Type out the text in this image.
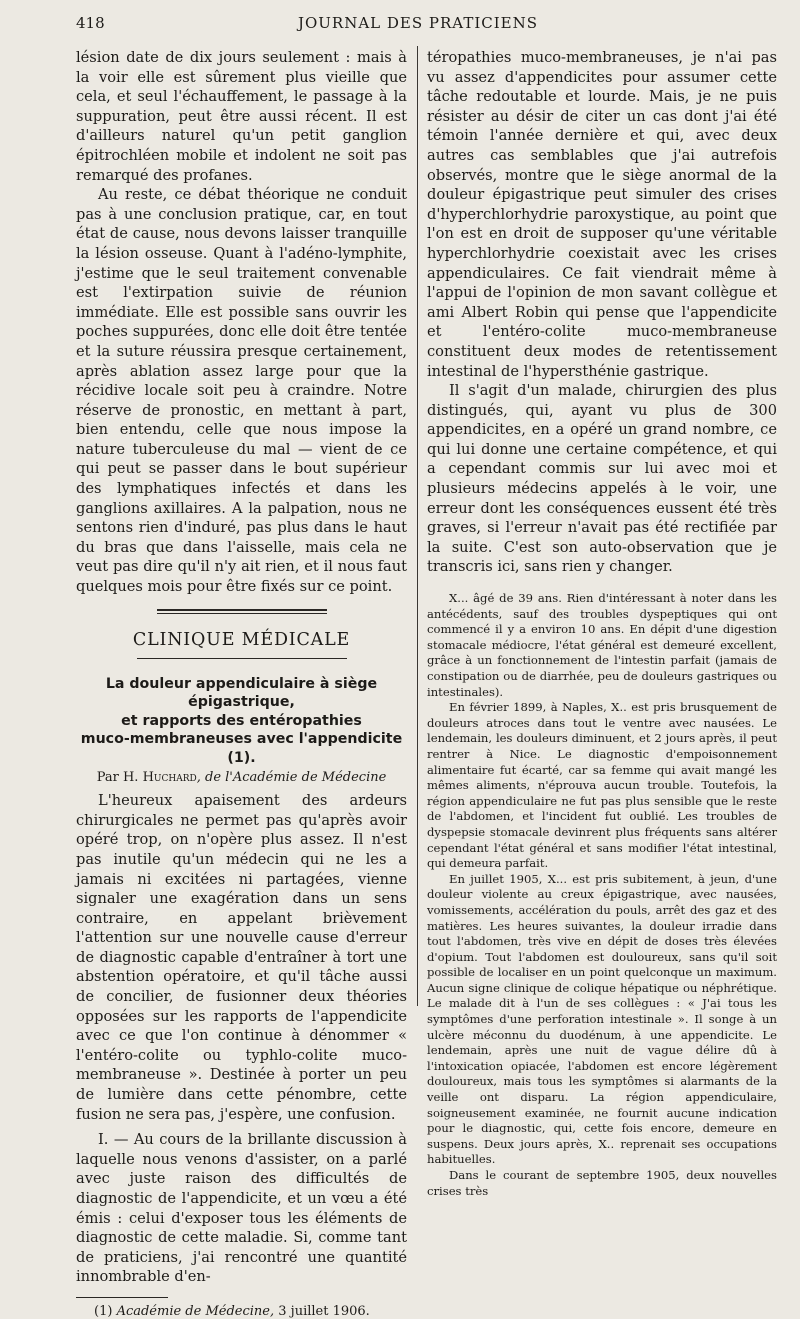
418	JOURNAL DES PRATICIENS

lésion date de dix jours seulement : mais à la voir elle est sûrement plus vieille que cela, et seul l'échauffement, le passage à la suppuration, peut être aussi récent. Il est d'ailleurs naturel qu'un petit ganglion épitrochléen mobile et indolent ne soit pas remarqué des profanes.

Au reste, ce débat théorique ne conduit pas à une conclusion pratique, car, en tout état de cause, nous devons laisser tranquille la lésion osseuse. Quant à l'adéno-lymphite, j'estime que le seul traitement convenable est l'extirpation suivie de réunion immédiate. Elle est possible sans ouvrir les poches suppurées, donc elle doit être tentée et la suture réussira presque certainement, après ablation assez large pour que la récidive locale soit peu à craindre. Notre réserve de pronostic, en mettant à part, bien entendu, celle que nous impose la nature tuberculeuse du mal — vient de ce qui peut se passer dans le bout supérieur des lymphatiques infectés et dans les ganglions axillaires. A la palpation, nous ne sentons rien d'induré, pas plus dans le haut du bras que dans l'aisselle, mais cela ne veut pas dire qu'il n'y ait rien, et il nous faut quelques mois pour être fixés sur ce point.

CLINIQUE MÉDICALE
La douleur appendiculaire à siège épigastrique,
et rapports des entéropathies
muco-membraneuses avec l'appendicite (1).
Par H. Huchard, de l'Académie de Médecine

L'heureux apaisement des ardeurs chirurgicales ne permet pas qu'après avoir opéré trop, on n'opère plus assez. Il n'est pas inutile qu'un médecin qui ne les a jamais ni excitées ni partagées, vienne signaler une exagération dans un sens contraire, en appelant brièvement l'attention sur une nouvelle cause d'erreur de diagnostic capable d'entraîner à tort une abstention opératoire, et qu'il tâche aussi de concilier, de fusionner deux théories opposées sur les rapports de l'appendicite avec ce que l'on continue à dénommer « l'entéro-colite ou typhlo-colite muco-membraneuse ». Destinée à porter un peu de lumière dans cette pénombre, cette fusion ne sera pas, j'espère, une confusion.

I. — Au cours de la brillante discussion à laquelle nous venons d'assister, on a parlé avec juste raison des difficultés de diagnostic de l'appendicite, et un vœu a été émis : celui d'exposer tous les éléments de diagnostic de cette maladie. Si, comme tant de praticiens, j'ai rencontré une quantité innombrable d'en-

(1) Académie de Médecine, 3 juillet 1906.

téropathies muco-membraneuses, je n'ai pas vu assez d'appendicites pour assumer cette tâche redoutable et lourde. Mais, je ne puis résister au désir de citer un cas dont j'ai été témoin l'année dernière et qui, avec deux autres cas semblables que j'ai autrefois observés, montre que le siège anormal de la douleur épigastrique peut simuler des crises d'hyperchlorhydrie paroxystique, au point que l'on est en droit de supposer qu'une véritable hyperchlorhydrie coexistait avec les crises appendiculaires. Ce fait viendrait même à l'appui de l'opinion de mon savant collègue et ami Albert Robin qui pense que l'appendicite et l'entéro-colite muco-membraneuse constituent deux modes de retentissement intestinal de l'hypersthénie gastrique.

Il s'agit d'un malade, chirurgien des plus distingués, qui, ayant vu plus de 300 appendicites, en a opéré un grand nombre, ce qui lui donne une certaine compétence, et qui a cependant commis sur lui avec moi et plusieurs médecins appelés à le voir, une erreur dont les conséquences eussent été très graves, si l'erreur n'avait pas été rectifiée par la suite. C'est son auto-observation que je transcris ici, sans rien y changer.

X... âgé de 39 ans. Rien d'intéressant à noter dans les antécédents, sauf des troubles dyspeptiques qui ont commencé il y a environ 10 ans. En dépit d'une digestion stomacale médiocre, l'état général est demeuré excellent, grâce à un fonctionnement de l'intestin parfait (jamais de constipation ou de diarrhée, peu de douleurs gastriques ou intestinales).

En février 1899, à Naples, X.. est pris brusquement de douleurs atroces dans tout le ventre avec nausées. Le lendemain, les douleurs diminuent, et 2 jours après, il peut rentrer à Nice. Le diagnostic d'empoisonnement alimentaire fut écarté, car sa femme qui avait mangé les mêmes aliments, n'éprouva aucun trouble. Toutefois, la région appendiculaire ne fut pas plus sensible que le reste de l'abdomen, et l'incident fut oublié. Les troubles de dyspepsie stomacale devinrent plus fréquents sans altérer cependant l'état général et sans modifier l'état intestinal, qui demeura parfait.

En juillet 1905, X... est pris subitement, à jeun, d'une douleur violente au creux épigastrique, avec nausées, vomissements, accélération du pouls, arrêt des gaz et des matières. Les heures suivantes, la douleur irradie dans tout l'abdomen, très vive en dépit de doses très élevées d'opium. Tout l'abdomen est douloureux, sans qu'il soit possible de localiser en un point quelconque un maximum. Aucun signe clinique de colique hépatique ou néphrétique. Le malade dit à l'un de ses collègues : « J'ai tous les symptômes d'une perforation intestinale ». Il songe à un ulcère méconnu du duodénum, à une appendicite. Le lendemain, après une nuit de vague délire dû à l'intoxication opiacée, l'abdomen est encore légèrement douloureux, mais tous les symptômes si alarmants de la veille ont disparu. La région appendiculaire, soigneusement examinée, ne fournit aucune indication pour le diagnostic, qui, cette fois encore, demeure en suspens. Deux jours après, X.. reprenait ses occupations habituelles.

Dans le courant de septembre 1905, deux nouvelles crises très
